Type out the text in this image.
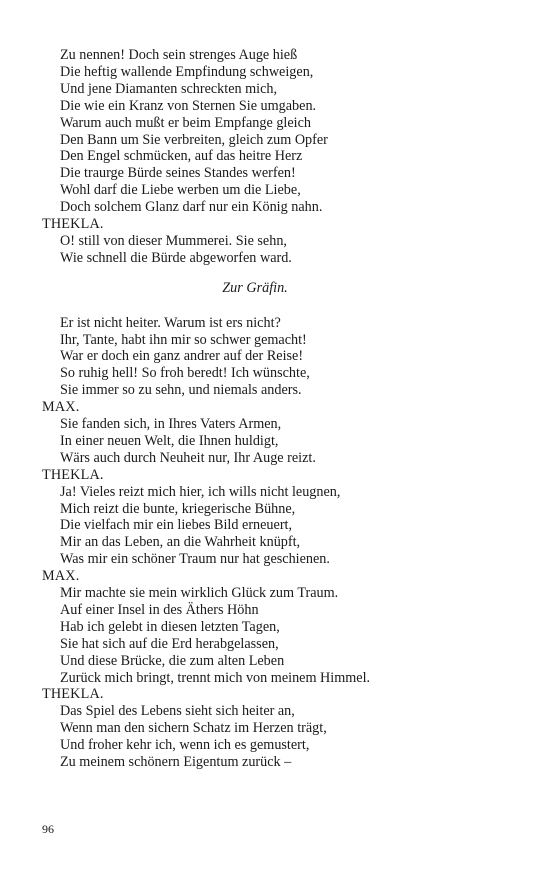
Zu nennen! Doch sein strenges Auge hieß
Die heftig wallende Empfindung schweigen,
Und jene Diamanten schreckten mich,
Die wie ein Kranz von Sternen Sie umgaben.
Warum auch mußt er beim Empfange gleich
Den Bann um Sie verbreiten, gleich zum Opfer
Den Engel schmücken, auf das heitre Herz
Die traurge Bürde seines Standes werfen!
Wohl darf die Liebe werben um die Liebe,
Doch solchem Glanz darf nur ein König nahn.
THEKLA.
O! still von dieser Mummerei. Sie sehn,
Wie schnell die Bürde abgeworfen ward.
Zur Gräfin.
Er ist nicht heiter. Warum ist ers nicht?
Ihr, Tante, habt ihn mir so schwer gemacht!
War er doch ein ganz andrer auf der Reise!
So ruhig hell! So froh beredt! Ich wünschte,
Sie immer so zu sehn, und niemals anders.
MAX.
Sie fanden sich, in Ihres Vaters Armen,
In einer neuen Welt, die Ihnen huldigt,
Wärs auch durch Neuheit nur, Ihr Auge reizt.
THEKLA.
Ja! Vieles reizt mich hier, ich wills nicht leugnen,
Mich reizt die bunte, kriegerische Bühne,
Die vielfach mir ein liebes Bild erneuert,
Mir an das Leben, an die Wahrheit knüpft,
Was mir ein schöner Traum nur hat geschienen.
MAX.
Mir machte sie mein wirklich Glück zum Traum.
Auf einer Insel in des Äthers Höhn
Hab ich gelebt in diesen letzten Tagen,
Sie hat sich auf die Erd herabgelassen,
Und diese Brücke, die zum alten Leben
Zurück mich bringt, trennt mich von meinem Himmel.
THEKLA.
Das Spiel des Lebens sieht sich heiter an,
Wenn man den sichern Schatz im Herzen trägt,
Und froher kehr ich, wenn ich es gemustert,
Zu meinem schönern Eigentum zurück –
96
